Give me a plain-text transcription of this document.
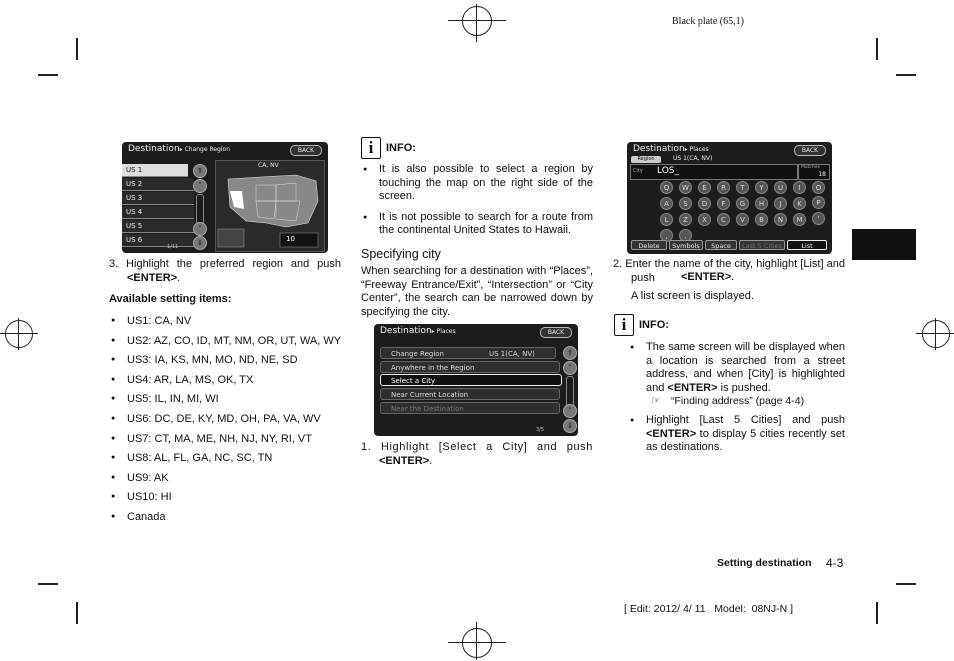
Black plate (65,1)
Destination▸ Change Region	BACK
US 1
US 2
US 3
US 4
US 5
US 6
1/11
⇑
˄
˅
⇓
CA, NV
10
3. Highlight the preferred region and push <ENTER>.
Available setting items:
● US1: CA, NV
● US2: AZ, CO, ID, MT, NM, OR, UT, WA, WY
● US3: IA, KS, MN, MO, ND, NE, SD
● US4: AR, LA, MS, OK, TX
● US5: IL, IN, MI, WI
● US6: DC, DE, KY, MD, OH, PA, VA, WV
● US7: CT, MA, ME, NH, NJ, NY, RI, VT
● US8: AL, FL, GA, NC, SC, TN
● US9: AK
● US10: HI
● Canada
i	INFO:

● It is also possible to select a region by touching the map on the right side of the screen.

● It is not possible to search for a route from the continental United States to Hawaii.

Specifying city
When searching for a destination with “Places”, “Freeway Entrance/Exit”, “Intersection” or “City Center”, the search can be narrowed down by specifying the city.
Destination▸ Places	BACK
Change Region	US 1(CA, NV)
Anywhere in the Region
Select a City
Near Current Location
Near the Destination
3/5
⇑
˄
˅
⇓
1. Highlight [Select a City] and push
<ENTER>.
Destination▸ Places	BACK
Region	US 1(CA, NV)
City LOS_	Matches
18
Q	W	E	R	T	Y	U	I	O
P
A	S	D	F	G	H	J	K
L	'
Z	X	C	V	B	N	M
,	.
Delete	Symbols	Space	Last 5 Cities	List
2. Enter the name of the city, highlight [List] and push	<ENTER>.
A list screen is displayed.
i	INFO:
● The same screen will be displayed when a location is searched from a street address, and when [City] is highlighted and <ENTER> is pushed.
☞ “Finding address” (page 4-4)
● Highlight [Last 5 Cities] and push <ENTER> to display 5 cities recently set as destinations.
Setting destination 4-3
[ Edit: 2012/ 4/ 11   Model:  08NJ-N ]
